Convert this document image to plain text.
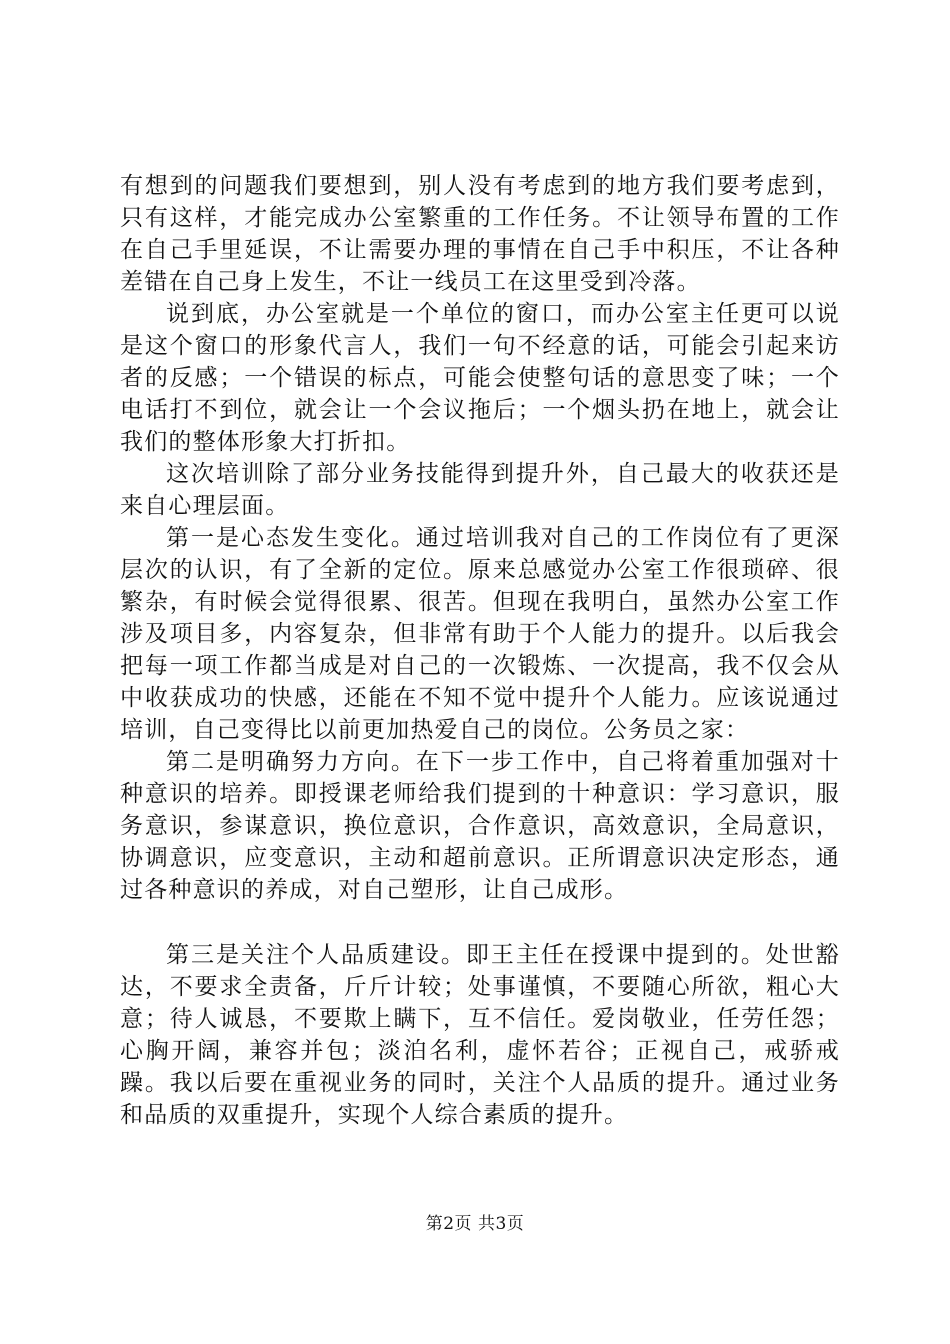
有想到的问题我们要想到，别人没有考虑到的地方我们要考虑到，只有这样，才能完成办公室繁重的工作任务。不让领导布置的工作在自己手里延误，不让需要办理的事情在自己手中积压，不让各种差错在自己身上发生，不让一线员工在这里受到冷落。

说到底，办公室就是一个单位的窗口，而办公室主任更可以说是这个窗口的形象代言人，我们一句不经意的话，可能会引起来访者的反感；一个错误的标点，可能会使整句话的意思变了味；一个电话打不到位，就会让一个会议拖后；一个烟头扔在地上，就会让我们的整体形象大打折扣。

这次培训除了部分业务技能得到提升外，自己最大的收获还是来自心理层面。

第一是心态发生变化。通过培训我对自己的工作岗位有了更深层次的认识，有了全新的定位。原来总感觉办公室工作很琐碎、很繁杂，有时候会觉得很累、很苦。但现在我明白，虽然办公室工作涉及项目多，内容复杂，但非常有助于个人能力的提升。以后我会把每一项工作都当成是对自己的一次锻炼、一次提高，我不仅会从中收获成功的快感，还能在不知不觉中提升个人能力。应该说通过培训，自己变得比以前更加热爱自己的岗位。公务员之家：

第二是明确努力方向。在下一步工作中，自己将着重加强对十种意识的培养。即授课老师给我们提到的十种意识：学习意识，服务意识，参谋意识，换位意识，合作意识，高效意识，全局意识，协调意识，应变意识，主动和超前意识。正所谓意识决定形态，通过各种意识的养成，对自己塑形，让自己成形。

第三是关注个人品质建设。即王主任在授课中提到的。处世豁达，不要求全责备，斤斤计较；处事谨慎，不要随心所欲，粗心大意；待人诚恳，不要欺上瞒下，互不信任。爱岗敬业，任劳任怨；心胸开阔，兼容并包；淡泊名利，虚怀若谷；正视自己，戒骄戒躁。我以后要在重视业务的同时，关注个人品质的提升。通过业务和品质的双重提升，实现个人综合素质的提升。

第2页 共3页
